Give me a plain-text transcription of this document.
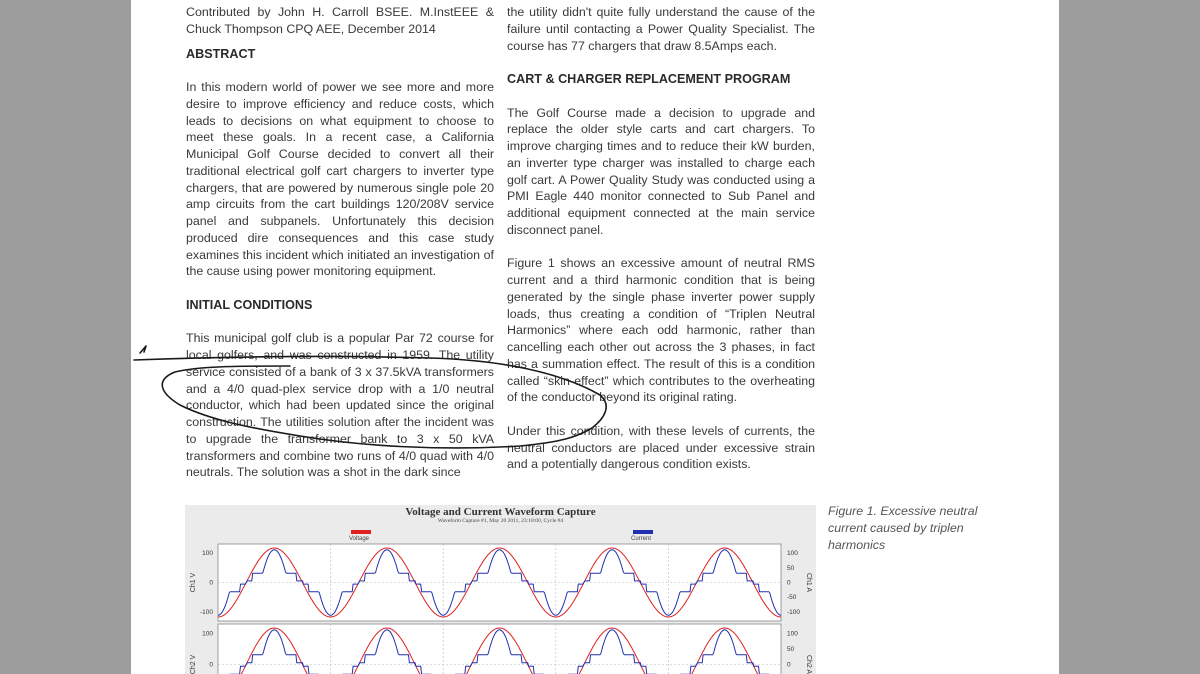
Contributed by John H. Carroll BSEE. M.InstEEE & Chuck Thompson CPQ AEE, December 2014

ABSTRACT

In this modern world of power we see more and more desire to improve efficiency and reduce costs, which leads to decisions on what equipment to choose to meet these goals. In a recent case, a California Municipal Golf Course decided to convert all their traditional electrical golf cart chargers to inverter type chargers, that are powered by numerous single pole 20 amp circuits from the cart buildings 120/208V service panel and subpanels. Unfortunately this decision produced dire consequences and this case study examines this incident which initiated an investigation of the cause using power monitoring equipment.

INITIAL CONDITIONS

This municipal golf club is a popular Par 72 course for local golfers, and was constructed in 1959. The utility service consisted of a bank of 3 x 37.5kVA transformers and a 4/0 quad-plex service drop with a 1/0 neutral conductor, which had been updated since the original construction. The utilities solution after the incident was to upgrade the transformer bank to 3 x 50 kVA transformers and combine two runs of 4/0 quad with 4/0 neutrals. The solution was a shot in the dark since

the utility didn't quite fully understand the cause of the failure until contacting a Power Quality Specialist. The course has 77 chargers that draw 8.5Amps each.

CART & CHARGER REPLACEMENT PROGRAM

The Golf Course made a decision to upgrade and replace the older style carts and cart chargers. To improve charging times and to reduce their kW burden, an inverter type charger was installed to charge each golf cart. A Power Quality Study was conducted using a PMI Eagle 440 monitor connected to Sub Panel and additional equipment connected at the main service disconnect panel.

Figure 1 shows an excessive amount of neutral RMS current and a third harmonic condition that is being generated by the single phase inverter power supply loads, thus creating a condition of “Triplen Neutral Harmonics” where each odd harmonic, rather than cancelling each other out across the 3 phases, in fact has a summation effect. The result of this is a condition called “skin effect” which contributes to the overheating of the conductor beyond its original rating.

Under this condition, with these levels of currents, the neutral conductors are placed under excessive strain and a potentially dangerous condition exists.

Figure 1. Excessive neutral current caused by triplen harmonics
Voltage and Current Waveform Capture
Waveform Capture #1, May 20 2011, 23:18:00, Cycle #4
Voltage	Current
100
0
-100
Ch1 V
100
50
0
-50
-100
Ch1 A
100
0
Ch2 V
100
50
0 Ch2 A
